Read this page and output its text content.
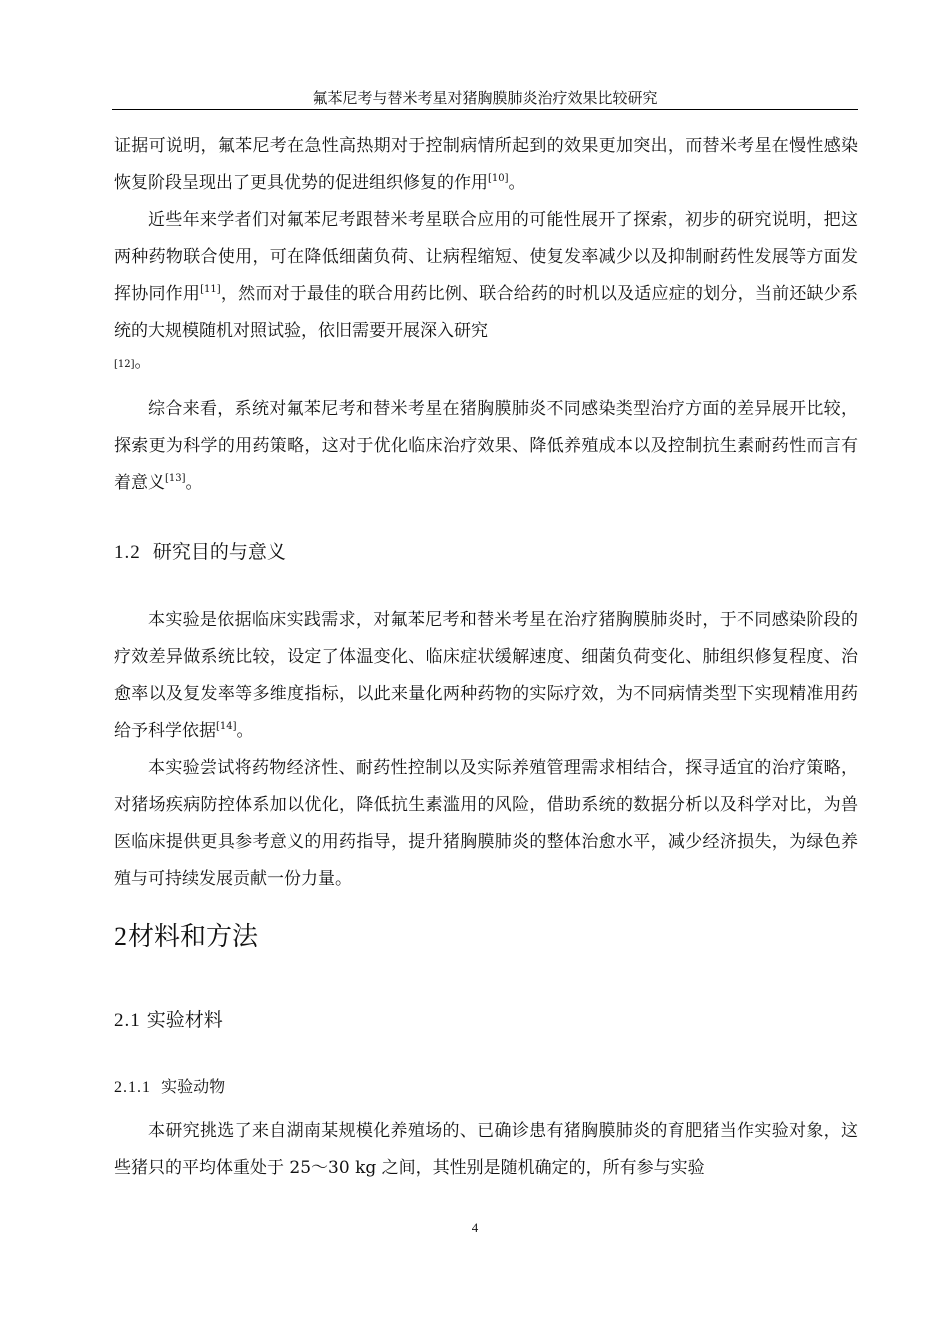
氟苯尼考与替米考星对猪胸膜肺炎治疗效果比较研究

证据可说明，氟苯尼考在急性高热期对于控制病情所起到的效果更加突出，而替米考星在慢性感染恢复阶段呈现出了更具优势的促进组织修复的作用[10]。

近些年来学者们对氟苯尼考跟替米考星联合应用的可能性展开了探索，初步的研究说明，把这两种药物联合使用，可在降低细菌负荷、让病程缩短、使复发率减少以及抑制耐药性发展等方面发挥协同作用[11]，然而对于最佳的联合用药比例、联合给药的时机以及适应症的划分，当前还缺少系统的大规模随机对照试验，依旧需要开展深入研究

[12]。

综合来看，系统对氟苯尼考和替米考星在猪胸膜肺炎不同感染类型治疗方面的差异展开比较，探索更为科学的用药策略，这对于优化临床治疗效果、降低养殖成本以及控制抗生素耐药性而言有着意义[13]。

1.2 研究目的与意义

本实验是依据临床实践需求，对氟苯尼考和替米考星在治疗猪胸膜肺炎时，于不同感染阶段的疗效差异做系统比较，设定了体温变化、临床症状缓解速度、细菌负荷变化、肺组织修复程度、治愈率以及复发率等多维度指标，以此来量化两种药物的实际疗效，为不同病情类型下实现精准用药给予科学依据[14]。

本实验尝试将药物经济性、耐药性控制以及实际养殖管理需求相结合，探寻适宜的治疗策略，对猪场疾病防控体系加以优化，降低抗生素滥用的风险，借助系统的数据分析以及科学对比，为兽医临床提供更具参考意义的用药指导，提升猪胸膜肺炎的整体治愈水平，减少经济损失，为绿色养殖与可持续发展贡献一份力量。

2材料和方法
2.1 实验材料
2.1.1 实验动物

本研究挑选了来自湖南某规模化养殖场的、已确诊患有猪胸膜肺炎的育肥猪当作实验对象，这些猪只的平均体重处于 25～30 kg 之间，其性别是随机确定的，所有参与实验

4
